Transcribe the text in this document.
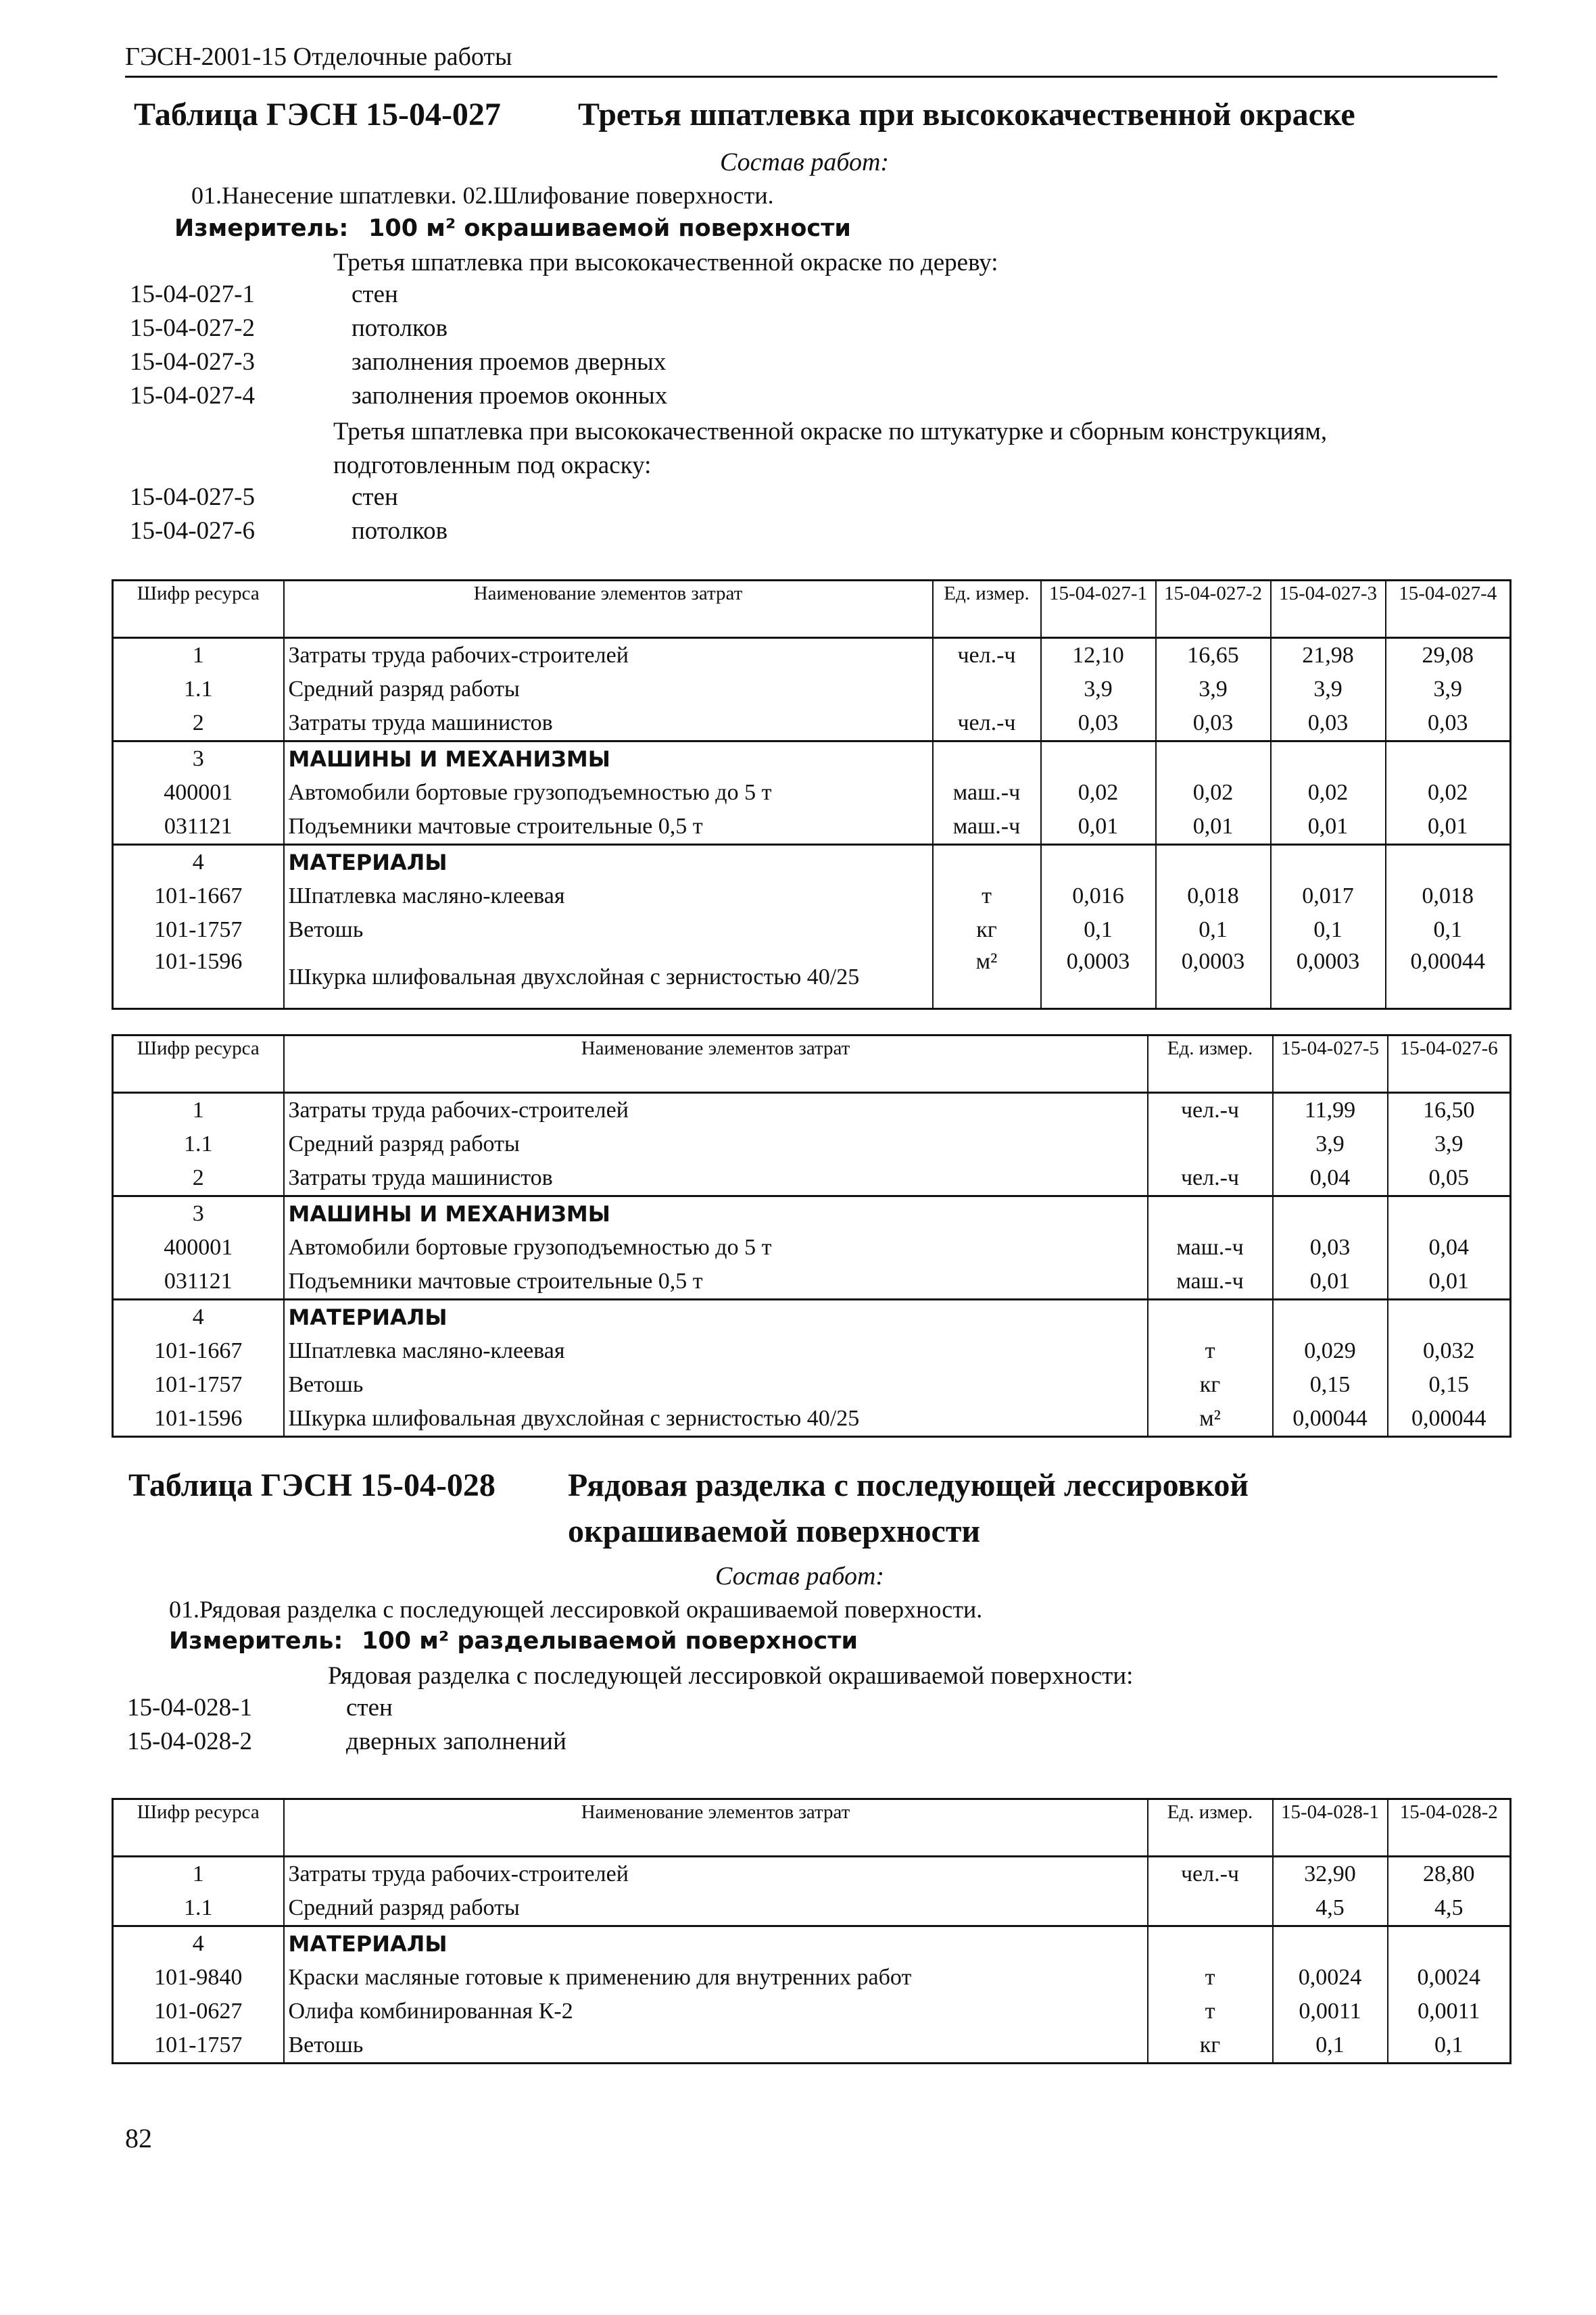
ГЭСН-2001-15 Отделочные работы
Таблица ГЭСН 15-04-027 Третья шпатлевка при высококачественной окраске
Состав работ:
01.Нанесение шпатлевки. 02.Шлифование поверхности.
Измеритель: 100 м² окрашиваемой поверхности
Третья шпатлевка при высококачественной окраске по дереву:
15-04-027-1	стен
15-04-027-2	потолков
15-04-027-3	заполнения проемов дверных
15-04-027-4	заполнения проемов оконных
Третья шпатлевка при высококачественной окраске по штукатурке и сборным конструкциям, подготовленным под окраску:
15-04-027-5	стен
15-04-027-6	потолков
Шифр ресурса	Наименование элементов затрат	Ед. измер.	15-04-027-1	15-04-027-2	15-04-027-3	15-04-027-4
1	Затраты труда рабочих-строителей	чел.-ч	12,10	16,65	21,98	29,08
1.1	Средний разряд работы		3,9	3,9	3,9	3,9
2	Затраты труда машинистов	чел.-ч	0,03	0,03	0,03	0,03
3	МАШИНЫ И МЕХАНИЗМЫ					
400001	Автомобили бортовые грузоподъемностью до 5 т	маш.-ч	0,02	0,02	0,02	0,02
031121	Подъемники мачтовые строительные 0,5 т	маш.-ч	0,01	0,01	0,01	0,01
4	МАТЕРИАЛЫ					
101-1667	Шпатлевка масляно-клеевая	т	0,016	0,018	0,017	0,018
101-1757	Ветошь	кг	0,1	0,1	0,1	0,1
101-1596	Шкурка шлифовальная двухслойная с зернистостью 40/25	м²	0,0003	0,0003	0,0003	0,00044
Шифр ресурса	Наименование элементов затрат	Ед. измер.	15-04-027-5	15-04-027-6
1	Затраты труда рабочих-строителей	чел.-ч	11,99	16,50
1.1	Средний разряд работы		3,9	3,9
2	Затраты труда машинистов	чел.-ч	0,04	0,05
3	МАШИНЫ И МЕХАНИЗМЫ			
400001	Автомобили бортовые грузоподъемностью до 5 т	маш.-ч	0,03	0,04
031121	Подъемники мачтовые строительные 0,5 т	маш.-ч	0,01	0,01
4	МАТЕРИАЛЫ			
101-1667	Шпатлевка масляно-клеевая	т	0,029	0,032
101-1757	Ветошь	кг	0,15	0,15
101-1596	Шкурка шлифовальная двухслойная с зернистостью 40/25	м²	0,00044	0,00044
Таблица ГЭСН 15-04-028 Рядовая разделка с последующей лессировкой
окрашиваемой поверхности
Состав работ:
01.Рядовая разделка с последующей лессировкой окрашиваемой поверхности.
Измеритель: 100 м² разделываемой поверхности
Рядовая разделка с последующей лессировкой окрашиваемой поверхности:
15-04-028-1	стен
15-04-028-2	дверных заполнений
Шифр ресурса	Наименование элементов затрат	Ед. измер.	15-04-028-1	15-04-028-2
1	Затраты труда рабочих-строителей	чел.-ч	32,90	28,80
1.1	Средний разряд работы		4,5	4,5
4	МАТЕРИАЛЫ			
101-9840	Краски масляные готовые к применению для внутренних работ	т	0,0024	0,0024
101-0627	Олифа комбинированная К-2	т	0,0011	0,0011
101-1757	Ветошь	кг	0,1	0,1
82
